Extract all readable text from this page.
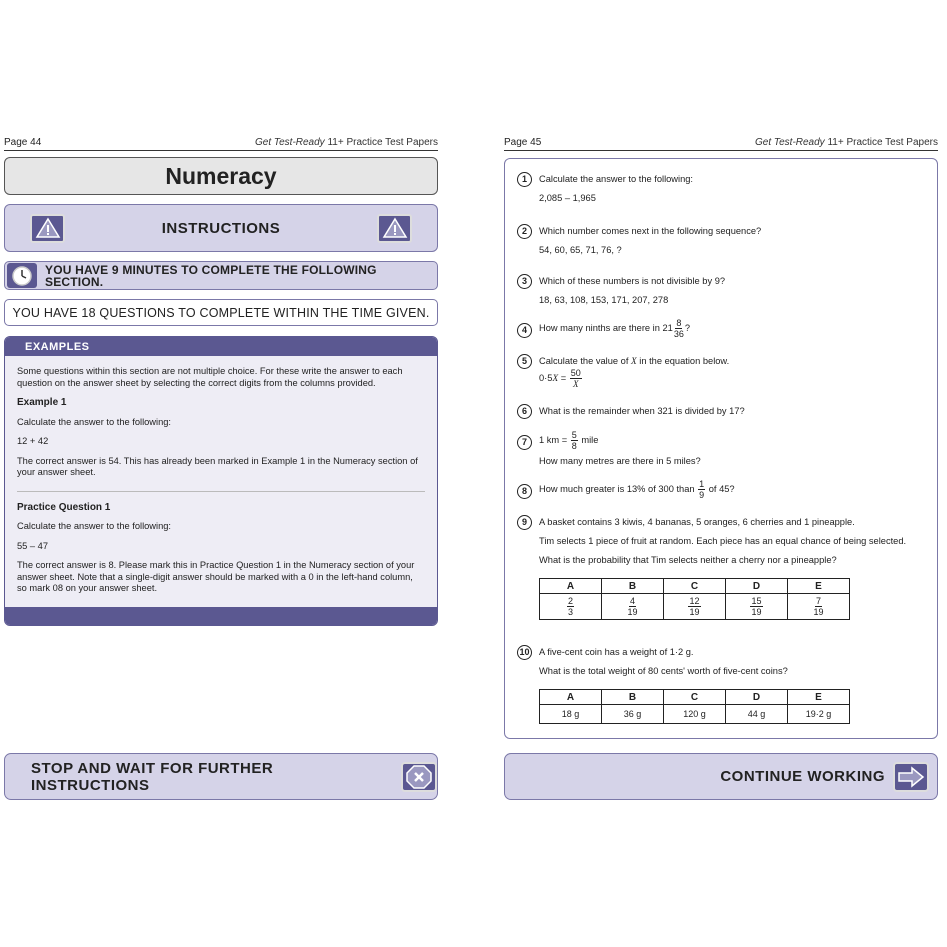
Page 44	Get Test-Ready 11+ Practice Test Papers
Numeracy
INSTRUCTIONS
YOU HAVE 9 MINUTES TO COMPLETE THE FOLLOWING
SECTION.
YOU HAVE 18 QUESTIONS TO COMPLETE WITHIN THE TIME GIVEN.
EXAMPLES

Some questions within this section are not multiple choice. For these write the answer to each question on the answer sheet by selecting the correct digits from the columns provided.

Example 1

Calculate the answer to the following:

12 + 42

The correct answer is 54. This has already been marked in Example 1 in the Numeracy section of your answer sheet.

Practice Question 1

Calculate the answer to the following:

55 – 47

The correct answer is 8. Please mark this in Practice Question 1 in the Numeracy section of your answer sheet. Note that a single-digit answer should be marked with a 0 in the left-hand column, so mark 08 on your answer sheet.

Page 45	Get Test-Ready 11+ Practice Test Papers
1	Calculate the answer to the following:
2,085 – 1,965
2	Which number comes next in the following sequence?
54, 60, 65, 71, 76, ?
3	Which of these numbers is not divisible by 9?
18, 63, 108, 153, 171, 207, 278
4	How many ninths are there in $21 \frac{8}{36}$ ?
5	Calculate the value of X in the equation below.
$0\cdot 5X = \frac{50}{X}$
6	What is the remainder when 321 is divided by 17?
7	1 km = $\frac{5}{8}$ mile
How many metres are there in 5 miles?
8	How much greater is 13% of 300 than $\frac{1}{9}$ of 45?
9	A basket contains 3 kiwis, 4 bananas, 5 oranges, 6 cherries and 1 pineapple.
Tim selects 1 piece of fruit at random. Each piece has an equal chance of being selected.
What is the probability that Tim selects neither a cherry nor a pineapple?
A	B	C	D	E

$\frac{2}{3}$	$\frac{4}{19}$	$\frac{12}{19}$	$\frac{15}{19}$	$\frac{7}{19}$
10 A five-cent coin has a weight of 1·2 g.
What is the total weight of 80 cents' worth of five-cent coins?
A	B	C	D	E
18 g	36 g	120 g	44 g	19·2 g
STOP AND WAIT FOR FURTHER INSTRUCTIONS	CONTINUE WORKING
